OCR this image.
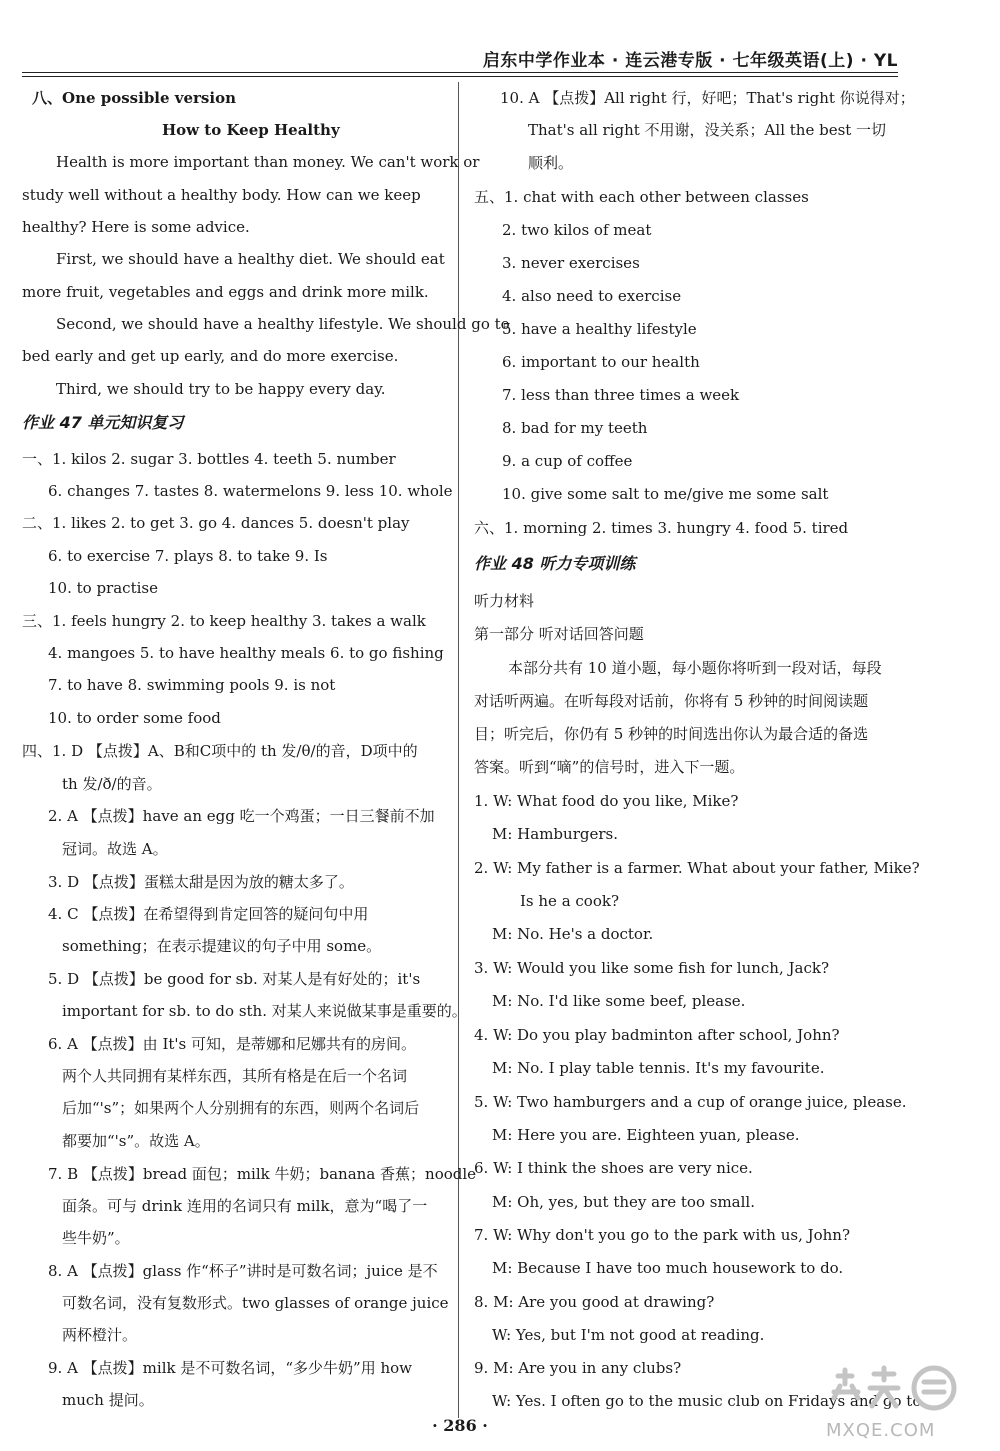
启东中学作业本 · 连云港专版 · 七年级英语(上) · YL
八、One possible version
How to Keep Healthy
Health is more important than money. We can't work or
study well without a healthy body. How can we keep
healthy? Here is some advice.
First, we should have a healthy diet. We should eat
more fruit, vegetables and eggs and drink more milk.
Second, we should have a healthy lifestyle. We should go to
bed early and get up early, and do more exercise.
Third, we should try to be happy every day.
作业 47 单元知识复习
一、1. kilos 2. sugar 3. bottles 4. teeth 5. number
6. changes 7. tastes 8. watermelons 9. less 10. whole
二、1. likes 2. to get 3. go 4. dances 5. doesn't play
6. to exercise 7. plays 8. to take 9. Is
10. to practise
三、1. feels hungry 2. to keep healthy 3. takes a walk
4. mangoes 5. to have healthy meals 6. to go fishing
7. to have 8. swimming pools 9. is not
10. to order some food
四、1. D 【点拨】A、B和C项中的 th 发/θ/的音，D项中的
th 发/ð/的音。
2. A 【点拨】have an egg 吃一个鸡蛋；一日三餐前不加
冠词。故选 A。
3. D 【点拨】蛋糕太甜是因为放的糖太多了。
4. C 【点拨】在希望得到肯定回答的疑问句中用
something；在表示提建议的句子中用 some。
5. D 【点拨】be good for sb. 对某人是有好处的；it's
important for sb. to do sth. 对某人来说做某事是重要的。
6. A 【点拨】由 It's 可知，是蒂娜和尼娜共有的房间。
两个人共同拥有某样东西，其所有格是在后一个名词
后加“'s”；如果两个人分别拥有的东西，则两个名词后
都要加“'s”。故选 A。
7. B 【点拨】bread 面包；milk 牛奶；banana 香蕉；noodle
面条。可与 drink 连用的名词只有 milk，意为“喝了一
些牛奶”。
8. A 【点拨】glass 作“杯子”讲时是可数名词；juice 是不
可数名词，没有复数形式。two glasses of orange juice
两杯橙汁。
9. A 【点拨】milk 是不可数名词，“多少牛奶”用 how
much 提问。
10. A 【点拨】All right 行，好吧；That's right 你说得对；
That's all right 不用谢，没关系；All the best 一切
顺利。
五、1. chat with each other between classes
2. two kilos of meat
3. never exercises
4. also need to exercise
5. have a healthy lifestyle
6. important to our health
7. less than three times a week
8. bad for my teeth
9. a cup of coffee
10. give some salt to me/give me some salt
六、1. morning 2. times 3. hungry 4. food 5. tired
作业 48 听力专项训练
听力材料
第一部分 听对话回答问题
本部分共有 10 道小题，每小题你将听到一段对话，每段
对话听两遍。在听每段对话前，你将有 5 秒钟的时间阅读题
目；听完后，你仍有 5 秒钟的时间选出你认为最合适的备选
答案。听到“嘀”的信号时，进入下一题。
1. W: What food do you like, Mike?
M: Hamburgers.
2. W: My father is a farmer. What about your father, Mike?
Is he a cook?
M: No. He's a doctor.
3. W: Would you like some fish for lunch, Jack?
M: No. I'd like some beef, please.
4. W: Do you play badminton after school, John?
M: No. I play table tennis. It's my favourite.
5. W: Two hamburgers and a cup of orange juice, please.
M: Here you are. Eighteen yuan, please.
6. W: I think the shoes are very nice.
M: Oh, yes, but they are too small.
7. W: Why don't you go to the park with us, John?
M: Because I have too much housework to do.
8. M: Are you good at drawing?
W: Yes, but I'm not good at reading.
9. M: Are you in any clubs?
W: Yes. I often go to the music club on Fridays and go to
· 286 ·	MXQE.COM
